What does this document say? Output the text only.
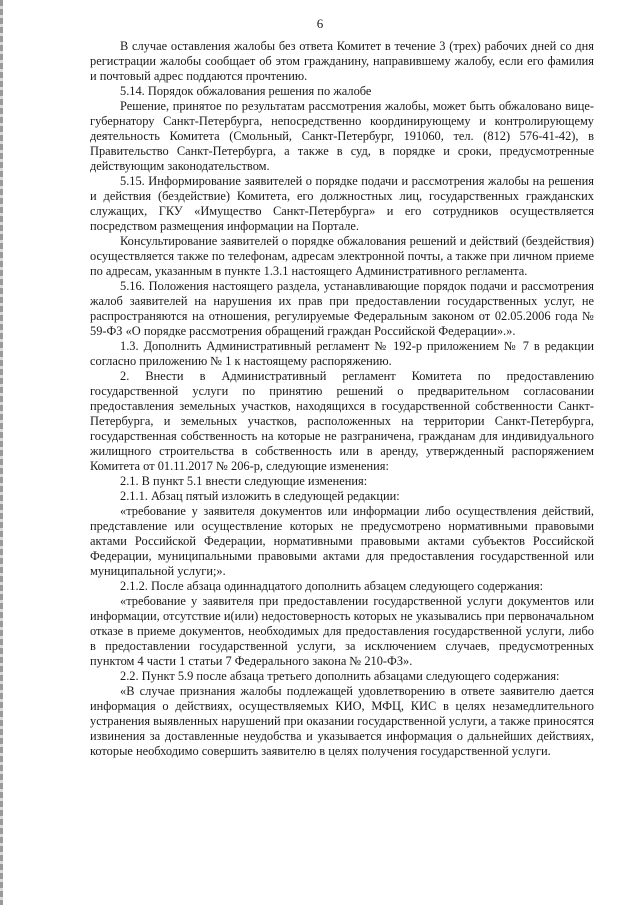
6

В случае оставления жалобы без ответа Комитет в течение 3 (трех) рабочих дней со дня регистрации жалобы сообщает об этом гражданину, направившему жалобу, если его фамилия и почтовый адрес поддаются прочтению.

5.14. Порядок обжалования решения по жалобе

Решение, принятое по результатам рассмотрения жалобы, может быть обжаловано вице-губернатору Санкт-Петербурга, непосредственно координирующему и контролирующему деятельность Комитета (Смольный, Санкт-Петербург, 191060, тел. (812) 576-41-42), в Правительство Санкт-Петербурга, а также в суд, в порядке и сроки, предусмотренные действующим законодательством.

5.15. Информирование заявителей о порядке подачи и рассмотрения жалобы на решения и действия (бездействие) Комитета, его должностных лиц, государственных гражданских служащих, ГКУ «Имущество Санкт-Петербурга» и его сотрудников осуществляется посредством размещения информации на Портале.

Консультирование заявителей о порядке обжалования решений и действий (бездействия) осуществляется также по телефонам, адресам электронной почты, а также при личном приеме по адресам, указанным в пункте 1.3.1 настоящего Административного регламента.

5.16. Положения настоящего раздела, устанавливающие порядок подачи и рассмотрения жалоб заявителей на нарушения их прав при предоставлении государственных услуг, не распространяются на отношения, регулируемые Федеральным законом от 02.05.2006 года № 59-ФЗ «О порядке рассмотрения обращений граждан Российской Федерации».».

1.3. Дополнить Административный регламент № 192-р приложением № 7 в редакции согласно приложению № 1 к настоящему распоряжению.

2. Внести в Административный регламент Комитета по предоставлению государственной услуги по принятию решений о предварительном согласовании предоставления земельных участков, находящихся в государственной собственности Санкт-Петербурга, и земельных участков, расположенных на территории Санкт-Петербурга, государственная собственность на которые не разграничена, гражданам для индивидуального жилищного строительства в собственность или в аренду, утвержденный распоряжением Комитета от 01.11.2017 № 206-р, следующие изменения:

2.1. В пункт 5.1 внести следующие изменения:

2.1.1. Абзац пятый изложить в следующей редакции:

«требование у заявителя документов или информации либо осуществления действий, представление или осуществление которых не предусмотрено нормативными правовыми актами Российской Федерации, нормативными правовыми актами субъектов Российской Федерации, муниципальными правовыми актами для предоставления государственной или муниципальной услуги;».

2.1.2. После абзаца одиннадцатого дополнить абзацем следующего содержания:

«требование у заявителя при предоставлении государственной услуги документов или информации, отсутствие и(или) недостоверность которых не указывались при первоначальном отказе в приеме документов, необходимых для предоставления государственной услуги, либо в предоставлении государственной услуги, за исключением случаев, предусмотренных пунктом 4 части 1 статьи 7 Федерального закона № 210-ФЗ».

2.2. Пункт 5.9 после абзаца третьего дополнить абзацами следующего содержания:

«В случае признания жалобы подлежащей удовлетворению в ответе заявителю дается информация о действиях, осуществляемых КИО, МФЦ, КИС в целях незамедлительного устранения выявленных нарушений при оказании государственной услуги, а также приносятся извинения за доставленные неудобства и указывается информация о дальнейших действиях, которые необходимо совершить заявителю в целях получения государственной услуги.
